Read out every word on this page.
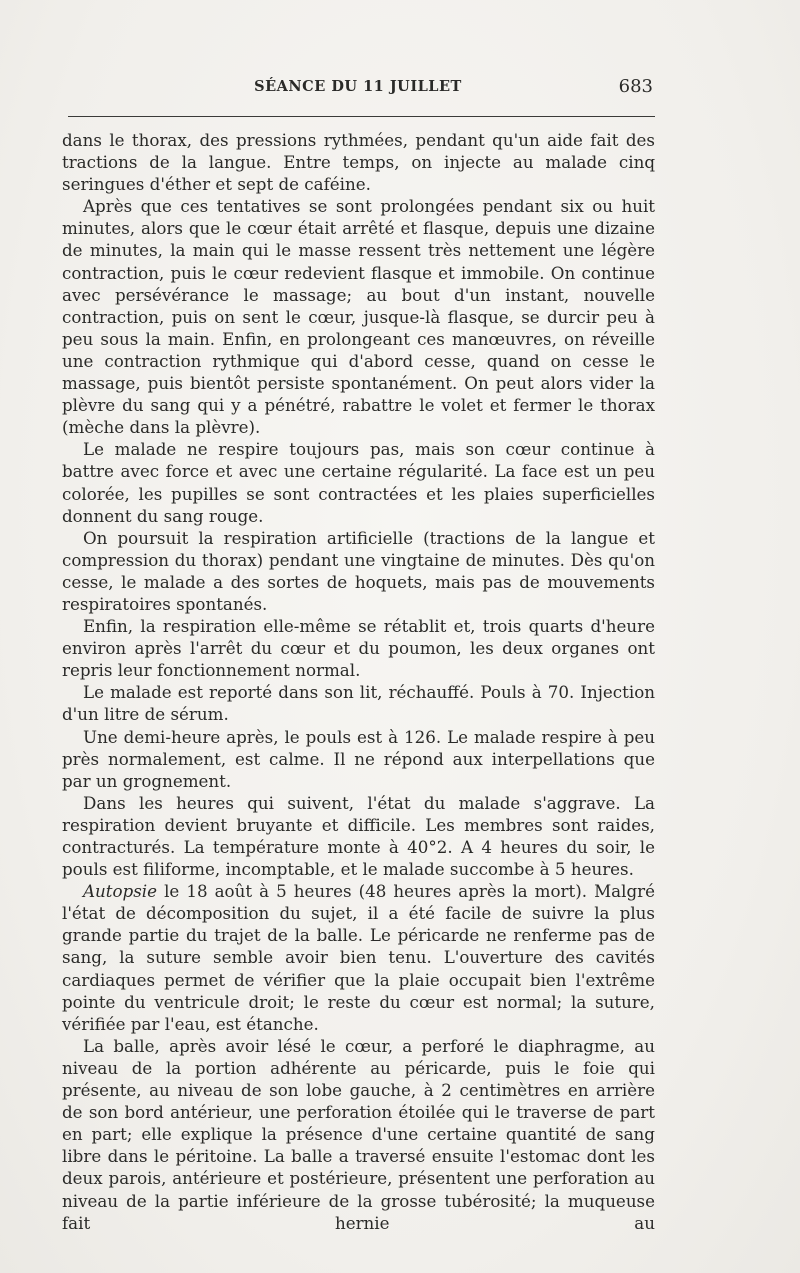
SÉANCE DU 11 JUILLET	683

dans le thorax, des pressions rythmées, pendant qu'un aide fait des tractions de la langue. Entre temps, on injecte au malade cinq seringues d'éther et sept de caféine.

Après que ces tentatives se sont prolongées pendant six ou huit minutes, alors que le cœur était arrêté et flasque, depuis une dizaine de minutes, la main qui le masse ressent très nettement une légère contraction, puis le cœur redevient flasque et immobile. On continue avec persévérance le massage; au bout d'un instant, nouvelle contraction, puis on sent le cœur, jusque-là flasque, se durcir peu à peu sous la main. Enfin, en prolongeant ces manœuvres, on réveille une contraction rythmique qui d'abord cesse, quand on cesse le massage, puis bientôt persiste spontanément. On peut alors vider la plèvre du sang qui y a pénétré, rabattre le volet et fermer le thorax (mèche dans la plèvre).

Le malade ne respire toujours pas, mais son cœur continue à battre avec force et avec une certaine régularité. La face est un peu colorée, les pupilles se sont contractées et les plaies superficielles donnent du sang rouge.

On poursuit la respiration artificielle (tractions de la langue et compression du thorax) pendant une vingtaine de minutes. Dès qu'on cesse, le malade a des sortes de hoquets, mais pas de mouvements respiratoires spontanés.

Enfin, la respiration elle-même se rétablit et, trois quarts d'heure environ après l'arrêt du cœur et du poumon, les deux organes ont repris leur fonctionnement normal.

Le malade est reporté dans son lit, réchauffé. Pouls à 70. Injection d'un litre de sérum.

Une demi-heure après, le pouls est à 126. Le malade respire à peu près normalement, est calme. Il ne répond aux interpellations que par un grognement.

Dans les heures qui suivent, l'état du malade s'aggrave. La respiration devient bruyante et difficile. Les membres sont raides, contracturés. La température monte à 40°2. A 4 heures du soir, le pouls est filiforme, incomptable, et le malade succombe à 5 heures.

Autopsie le 18 août à 5 heures (48 heures après la mort). Malgré l'état de décomposition du sujet, il a été facile de suivre la plus grande partie du trajet de la balle. Le péricarde ne renferme pas de sang, la suture semble avoir bien tenu. L'ouverture des cavités cardiaques permet de vérifier que la plaie occupait bien l'extrême pointe du ventricule droit; le reste du cœur est normal; la suture, vérifiée par l'eau, est étanche.

La balle, après avoir lésé le cœur, a perforé le diaphragme, au niveau de la portion adhérente au péricarde, puis le foie qui présente, au niveau de son lobe gauche, à 2 centimètres en arrière de son bord antérieur, une perforation étoilée qui le traverse de part en part; elle explique la présence d'une certaine quantité de sang libre dans le péritoine. La balle a traversé ensuite l'estomac dont les deux parois, antérieure et postérieure, présentent une perforation au niveau de la partie inférieure de la grosse tubérosité; la muqueuse fait hernie au
